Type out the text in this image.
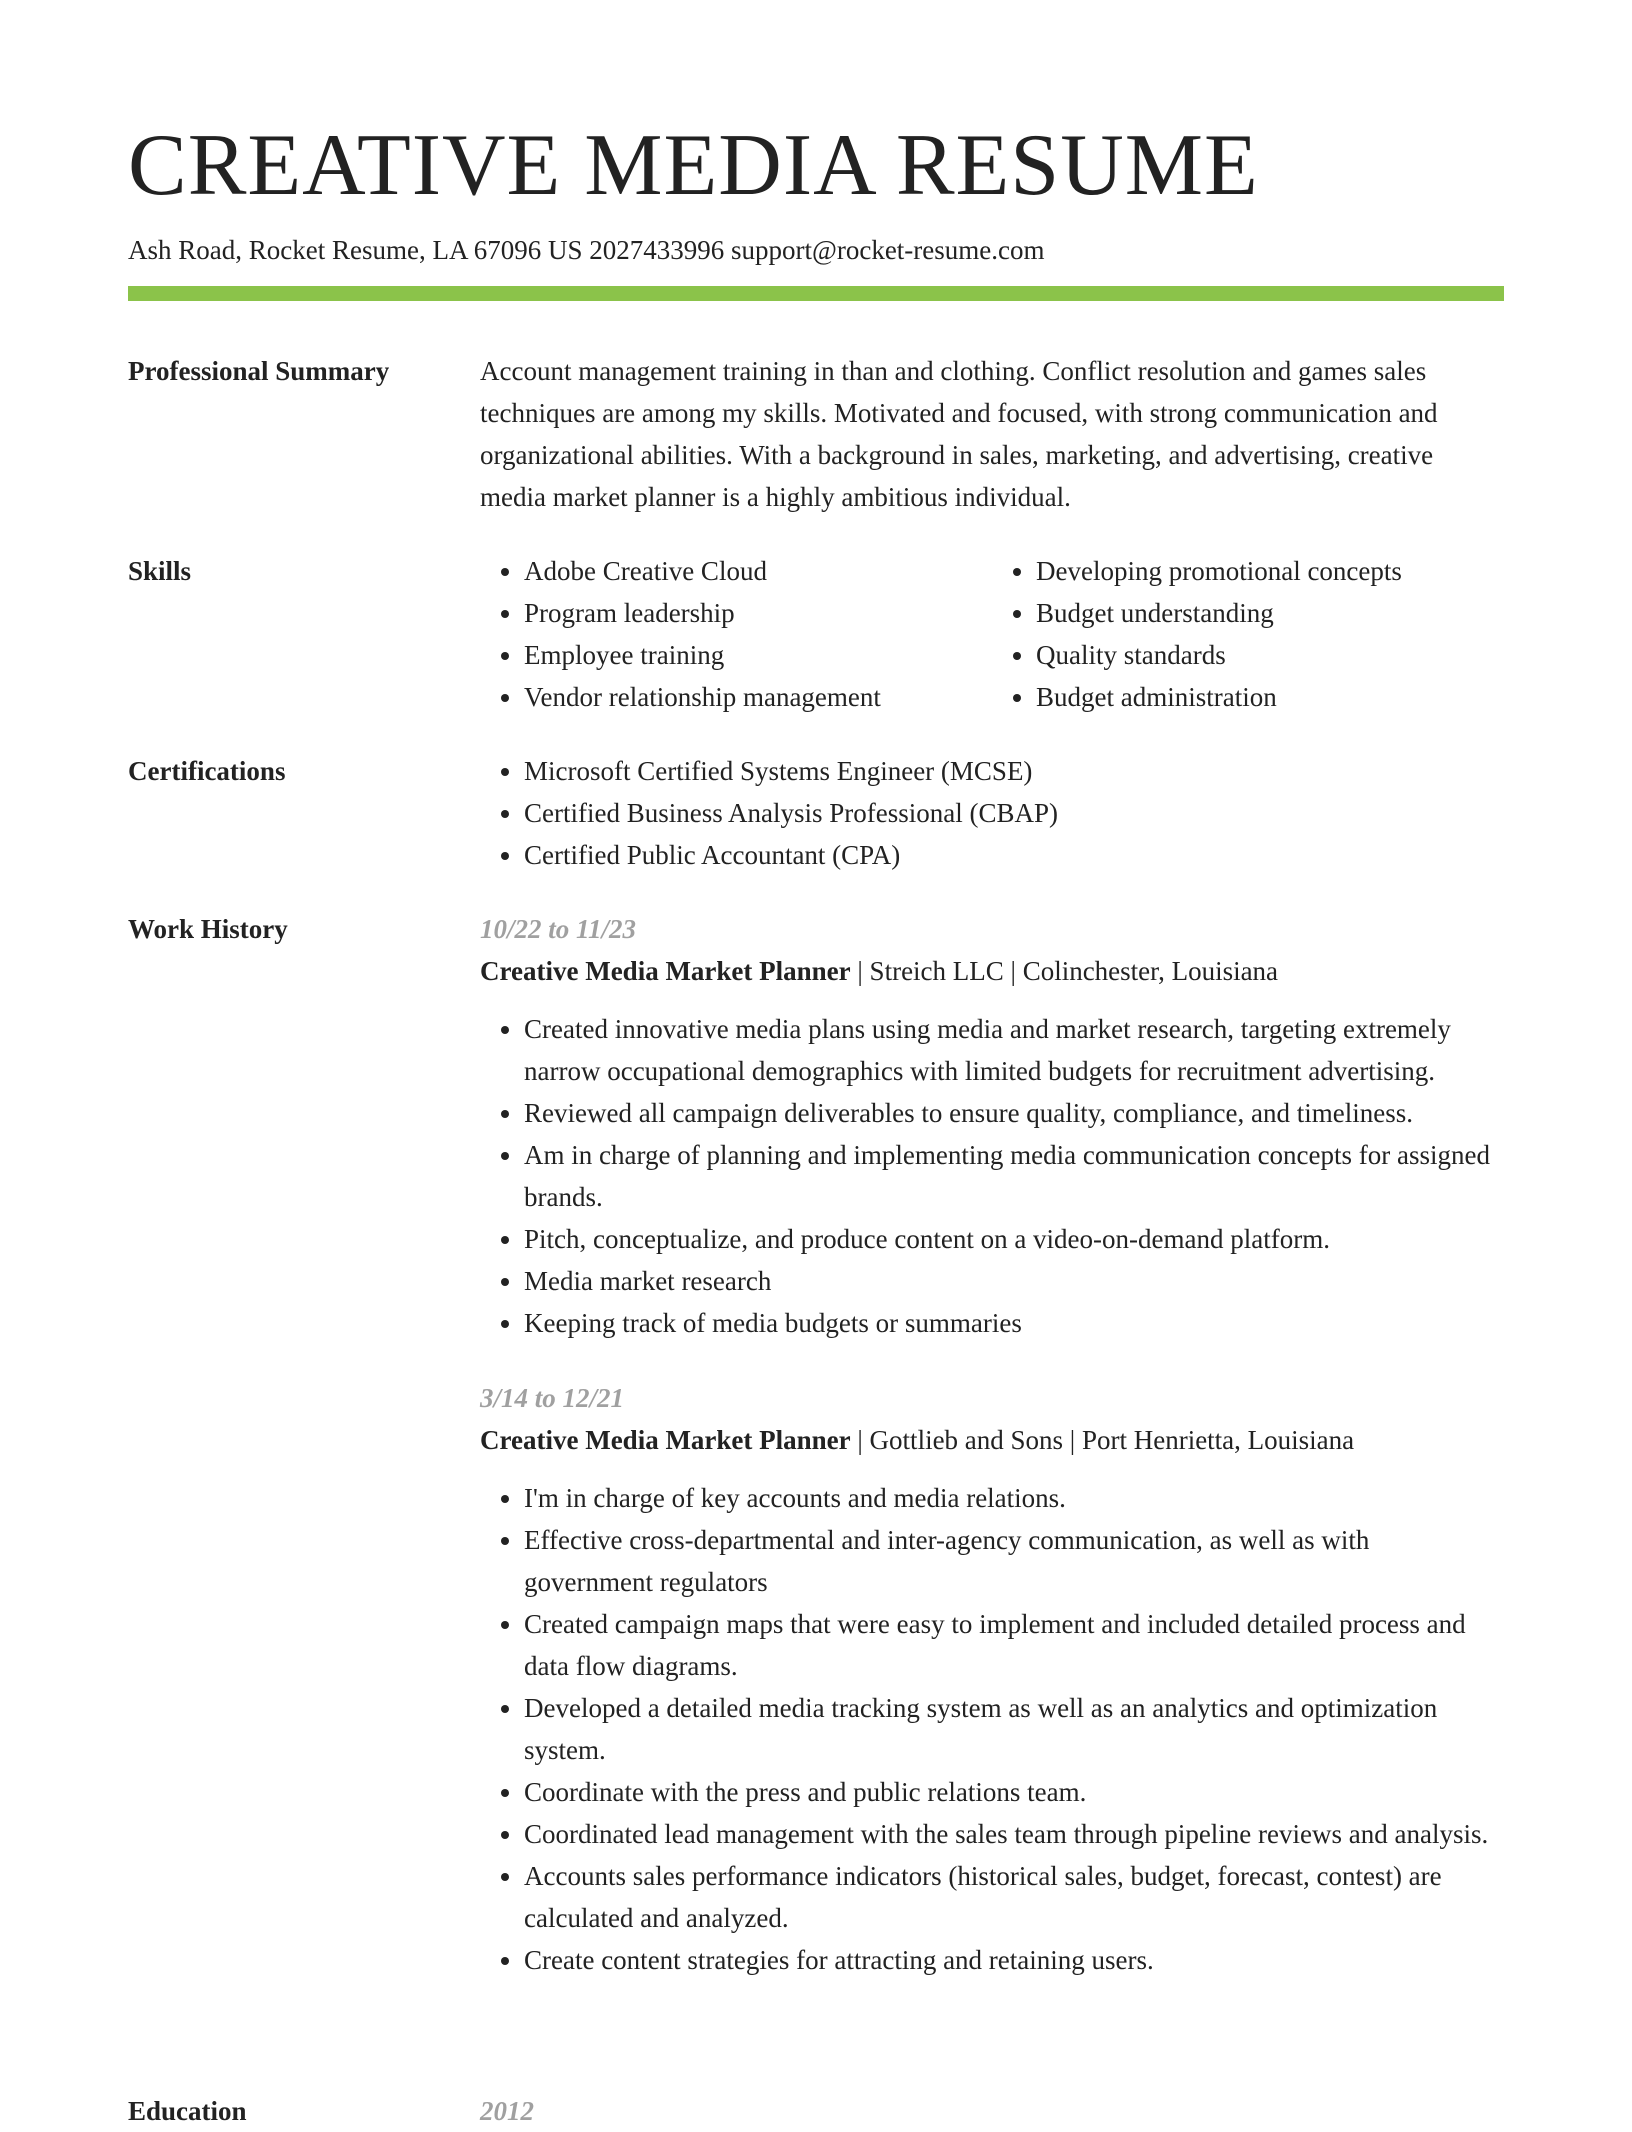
CREATIVE MEDIA RESUME
Ash Road, Rocket Resume, LA 67096 US 2027433996 support@rocket-resume.com
Professional Summary	Account management training in than and clothing. Conflict resolution and games sales techniques are among my skills. Motivated and focused, with strong communication and organizational abilities. With a background in sales, marketing, and advertising, creative media market planner is a highly ambitious individual.

Skills	• Adobe Creative Cloud
• Program leadership
• Employee training
• Vendor relationship management
• Developing promotional concepts
• Budget understanding
• Quality standards
• Budget administration
Certifications	• Microsoft Certified Systems Engineer (MCSE)
• Certified Business Analysis Professional (CBAP)
• Certified Public Accountant (CPA)
Work History	10/22 to 11/23
Creative Media Market Planner | Streich LLC | Colinchester, Louisiana
• Created innovative media plans using media and market research, targeting extremely narrow occupational demographics with limited budgets for recruitment advertising.
• Reviewed all campaign deliverables to ensure quality, compliance, and timeliness.
• Am in charge of planning and implementing media communication concepts for assigned brands.
• Pitch, conceptualize, and produce content on a video-on-demand platform.
• Media market research
• Keeping track of media budgets or summaries
3/14 to 12/21
Creative Media Market Planner | Gottlieb and Sons | Port Henrietta, Louisiana
• I'm in charge of key accounts and media relations.
• Effective cross-departmental and inter-agency communication, as well as with government regulators
• Created campaign maps that were easy to implement and included detailed process and data flow diagrams.
• Developed a detailed media tracking system as well as an analytics and optimization system.
• Coordinate with the press and public relations team.
• Coordinated lead management with the sales team through pipeline reviews and analysis.
• Accounts sales performance indicators (historical sales, budget, forecast, contest) are calculated and analyzed.
• Create content strategies for attracting and retaining users.
Education	2012
